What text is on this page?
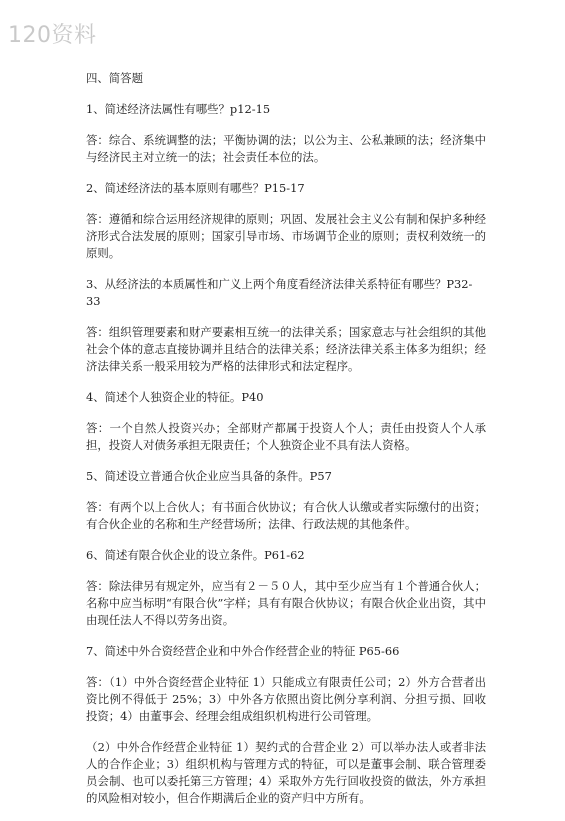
120资料

四、简答题

1、简述经济法属性有哪些？p12-15

答：综合、系统调整的法；平衡协调的法；以公为主、公私兼顾的法；经济集中与经济民主对立统一的法；社会责任本位的法。

2、简述经济法的基本原则有哪些？P15-17

答：遵循和综合运用经济规律的原则；巩固、发展社会主义公有制和保护多种经济形式合法发展的原则；国家引导市场、市场调节企业的原则；责权利效统一的原则。

3、从经济法的本质属性和广义上两个角度看经济法律关系特征有哪些？P32-33

答：组织管理要素和财产要素相互统一的法律关系；国家意志与社会组织的其他社会个体的意志直接协调并且结合的法律关系；经济法律关系主体多为组织；经济法律关系一般采用较为严格的法律形式和法定程序。

4、简述个人独资企业的特征。P40

答：一个自然人投资兴办；全部财产都属于投资人个人；责任由投资人个人承担，投资人对债务承担无限责任；个人独资企业不具有法人资格。

5、简述设立普通合伙企业应当具备的条件。P57

答：有两个以上合伙人；有书面合伙协议；有合伙人认缴或者实际缴付的出资；有合伙企业的名称和生产经营场所；法律、行政法规的其他条件。

6、简述有限合伙企业的设立条件。P61-62

答：除法律另有规定外，应当有２－５０人，其中至少应当有１个普通合伙人；名称中应当标明“有限合伙”字样；具有有限合伙协议；有限合伙企业出资，其中由现任法人不得以劳务出资。

7、简述中外合资经营企业和中外合作经营企业的特征 P65-66

答：（1）中外合资经营企业特征 1）只能成立有限责任公司；2）外方合营者出资比例不得低于 25%；3）中外各方依照出资比例分享利润、分担亏损、回收投资；4）由董事会、经理会组成组织机构进行公司管理。

（2）中外合作经营企业特征 1）契约式的合营企业 2）可以举办法人或者非法人的合作企业；3）组织机构与管理方式的特征，可以是董事会制、联合管理委员会制、也可以委托第三方管理；4）采取外方先行回收投资的做法，外方承担的风险相对较小，但合作期满后企业的资产归中方所有。
